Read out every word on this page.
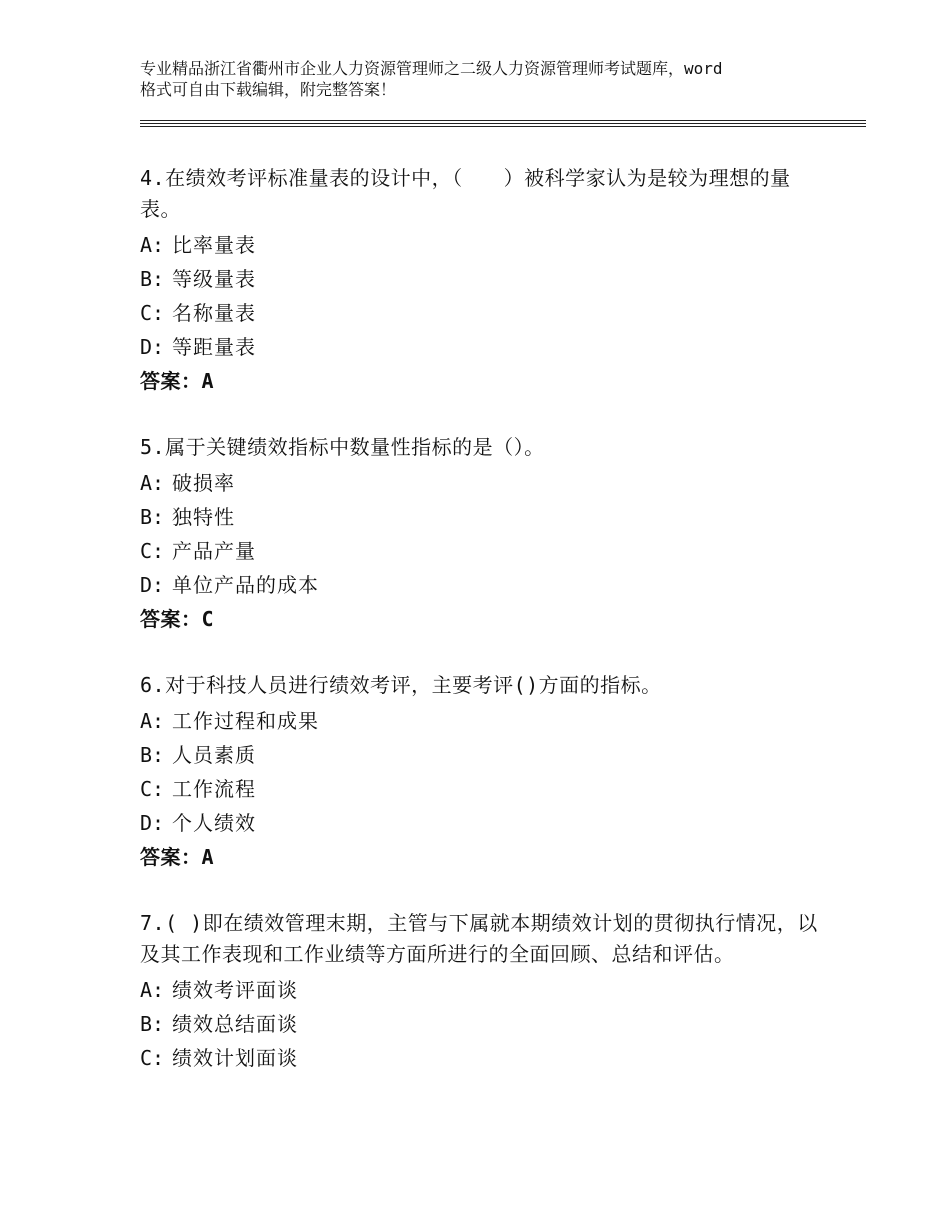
专业精品浙江省衢州市企业人力资源管理师之二级人力资源管理师考试题库，word
格式可自由下载编辑，附完整答案！
4.在绩效考评标准量表的设计中，（　　）被科学家认为是较为理想的量表。
A: 比率量表
B: 等级量表
C: 名称量表
D: 等距量表
答案：A
5.属于关键绩效指标中数量性指标的是（）。
A: 破损率
B: 独特性
C: 产品产量
D: 单位产品的成本
答案：C
6.对于科技人员进行绩效考评，主要考评()方面的指标。
A: 工作过程和成果
B: 人员素质
C: 工作流程
D: 个人绩效
答案：A
7.( )即在绩效管理末期，主管与下属就本期绩效计划的贯彻执行情况，以及其工作表现和工作业绩等方面所进行的全面回顾、总结和评估。
A: 绩效考评面谈
B: 绩效总结面谈
C: 绩效计划面谈
